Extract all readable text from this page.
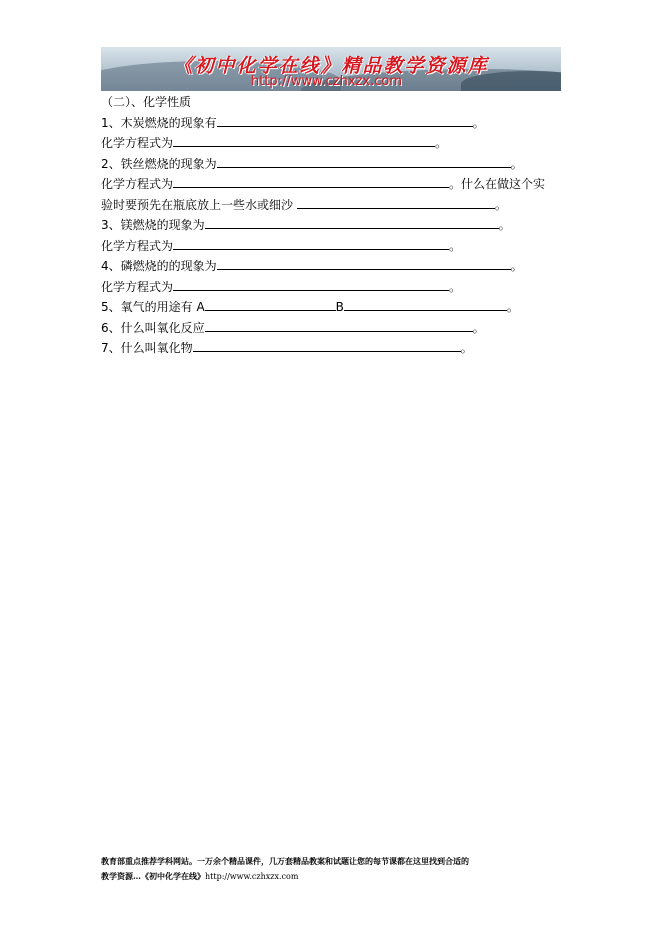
《初中化学在线》精品教学资源库
http://www.czhxzx.com
（二）、化学性质
1、木炭燃烧的现象有	。
化学方程式为	。
2、铁丝燃烧的现象为	。
化学方程式为	。什么在做这个实
验时要预先在瓶底放上一些水或细沙	。
3、镁燃烧的现象为	。
化学方程式为	。
4、磷燃烧的的现象为	。
化学方程式为	。
5、氧气的用途有 A	B	。
6、什么叫氧化反应	。
7、什么叫氧化物	。
教育部重点推荐学科网站。一万余个精品课件，几万套精品教案和试题让您的每节课都在这里找到合适的
教学资源…《初中化学在线》http://www.czhxzx.com
